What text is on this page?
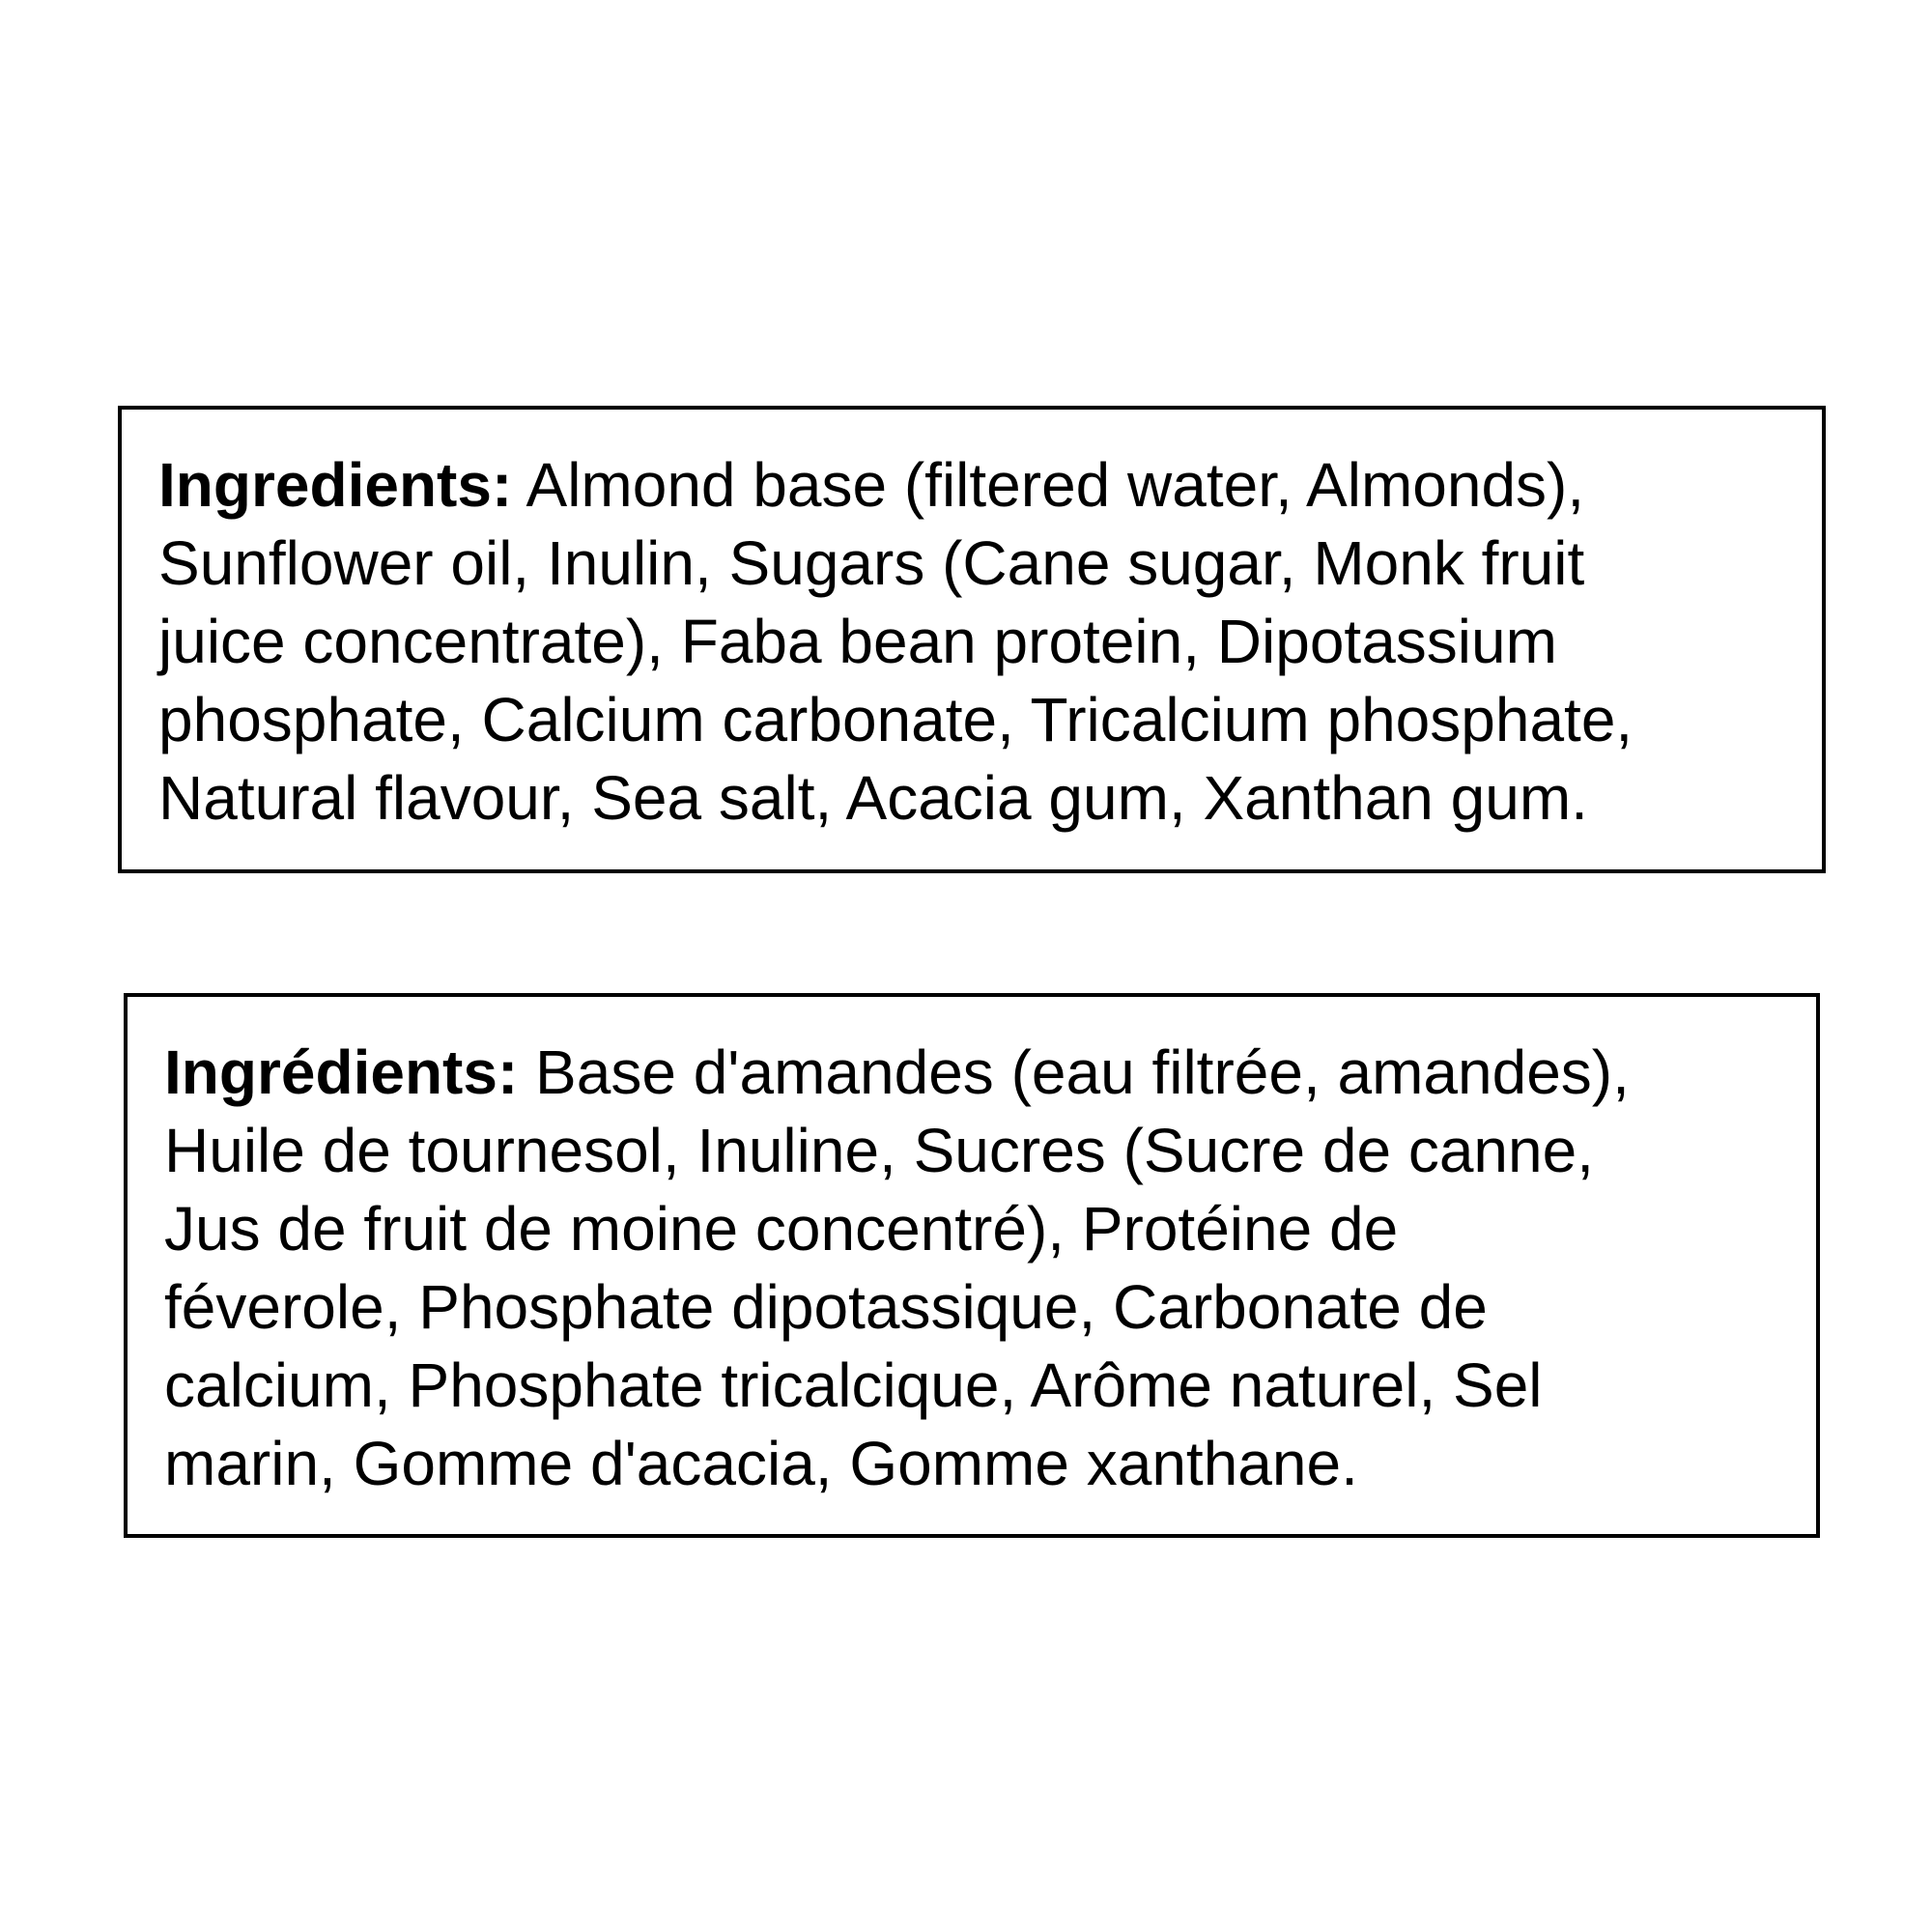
Ingredients: Almond base (filtered water, Almonds),
Sunflower oil, Inulin, Sugars (Cane sugar, Monk fruit
juice concentrate), Faba bean protein, Dipotassium
phosphate, Calcium carbonate, Tricalcium phosphate,
Natural flavour, Sea salt, Acacia gum, Xanthan gum.

Ingrédients: Base d'amandes (eau filtrée, amandes),
Huile de tournesol, Inuline, Sucres (Sucre de canne,
Jus de fruit de moine concentré), Protéine de
féverole, Phosphate dipotassique, Carbonate de
calcium, Phosphate tricalcique, Arôme naturel, Sel
marin, Gomme d'acacia, Gomme xanthane.
